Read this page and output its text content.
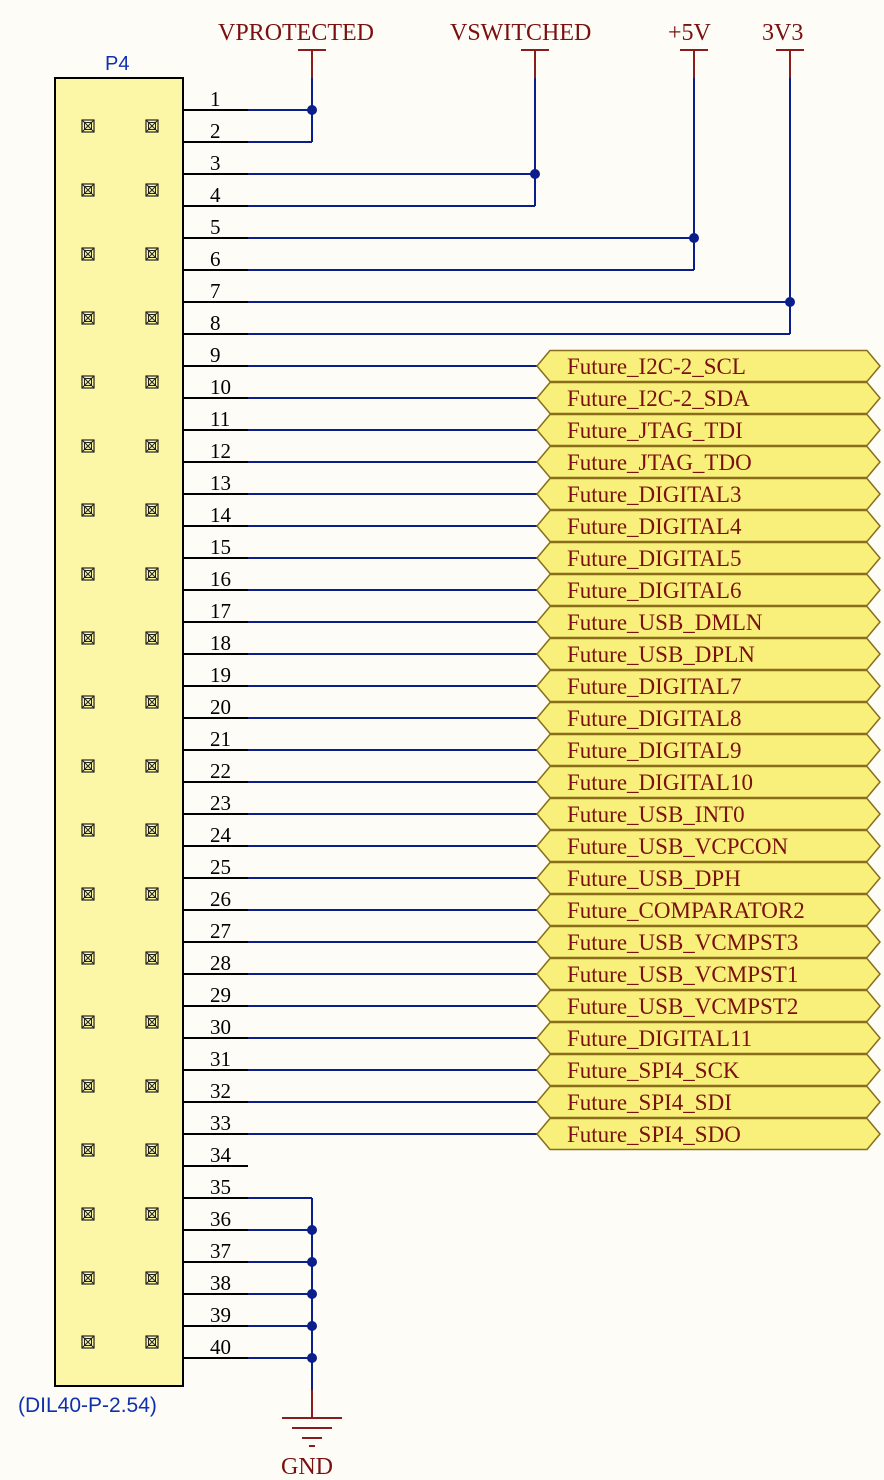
P4
(DIL40-P-2.54)
1
2
3
4
5
6
7
8
9
10
11
12
13
14
15
16
17
18
19
20
21
22
23
24
25
26
27
28
29
30
31
32
33
34
35
36
37
38
39
40
VPROTECTED	VSWITCHED	+5V 3V3
Future_I2C-2_SCL
Future_I2C-2_SDA
Future_JTAG_TDI
Future_JTAG_TDO
Future_DIGITAL3
Future_DIGITAL4
Future_DIGITAL5
Future_DIGITAL6
Future_USB_DMLN
Future_USB_DPLN
Future_DIGITAL7
Future_DIGITAL8
Future_DIGITAL9
Future_DIGITAL10
Future_USB_INT0
Future_USB_VCPCON
Future_USB_DPH
Future_COMPARATOR2
Future_USB_VCMPST3
Future_USB_VCMPST1
Future_USB_VCMPST2
Future_DIGITAL11
Future_SPI4_SCK
Future_SPI4_SDI
Future_SPI4_SDO
GND
